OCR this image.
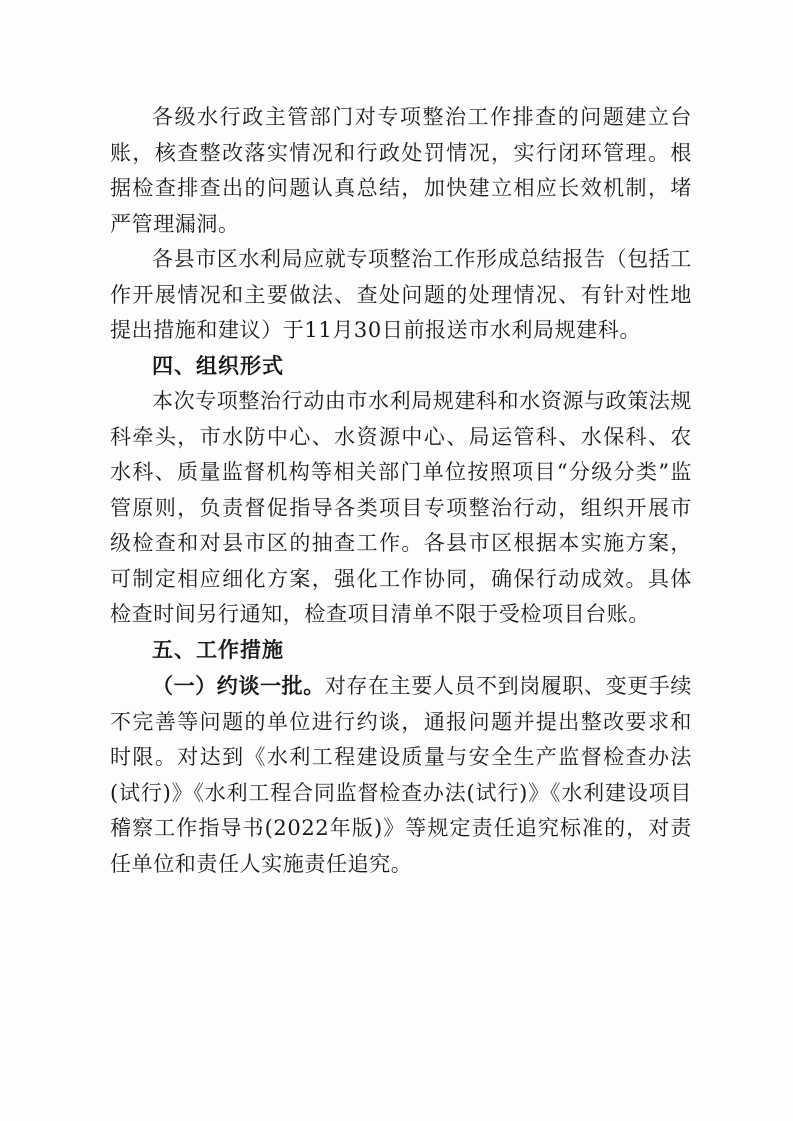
各级水行政主管部门对专项整治工作排查的问题建立台账，核查整改落实情况和行政处罚情况，实行闭环管理。根据检查排查出的问题认真总结，加快建立相应长效机制，堵严管理漏洞。

各县市区水利局应就专项整治工作形成总结报告（包括工作开展情况和主要做法、查处问题的处理情况、有针对性地提出措施和建议）于11月30日前报送市水利局规建科。

四、组织形式

本次专项整治行动由市水利局规建科和水资源与政策法规科牵头，市水防中心、水资源中心、局运管科、水保科、农水科、质量监督机构等相关部门单位按照项目“分级分类”监管原则，负责督促指导各类项目专项整治行动，组织开展市级检查和对县市区的抽查工作。各县市区根据本实施方案，可制定相应细化方案，强化工作协同，确保行动成效。具体检查时间另行通知，检查项目清单不限于受检项目台账。

五、工作措施

（一）约谈一批。对存在主要人员不到岗履职、变更手续不完善等问题的单位进行约谈，通报问题并提出整改要求和时限。对达到《水利工程建设质量与安全生产监督检查办法(试行)》《水利工程合同监督检查办法(试行)》《水利建设项目稽察工作指导书(2022年版)》等规定责任追究标准的，对责任单位和责任人实施责任追究。
